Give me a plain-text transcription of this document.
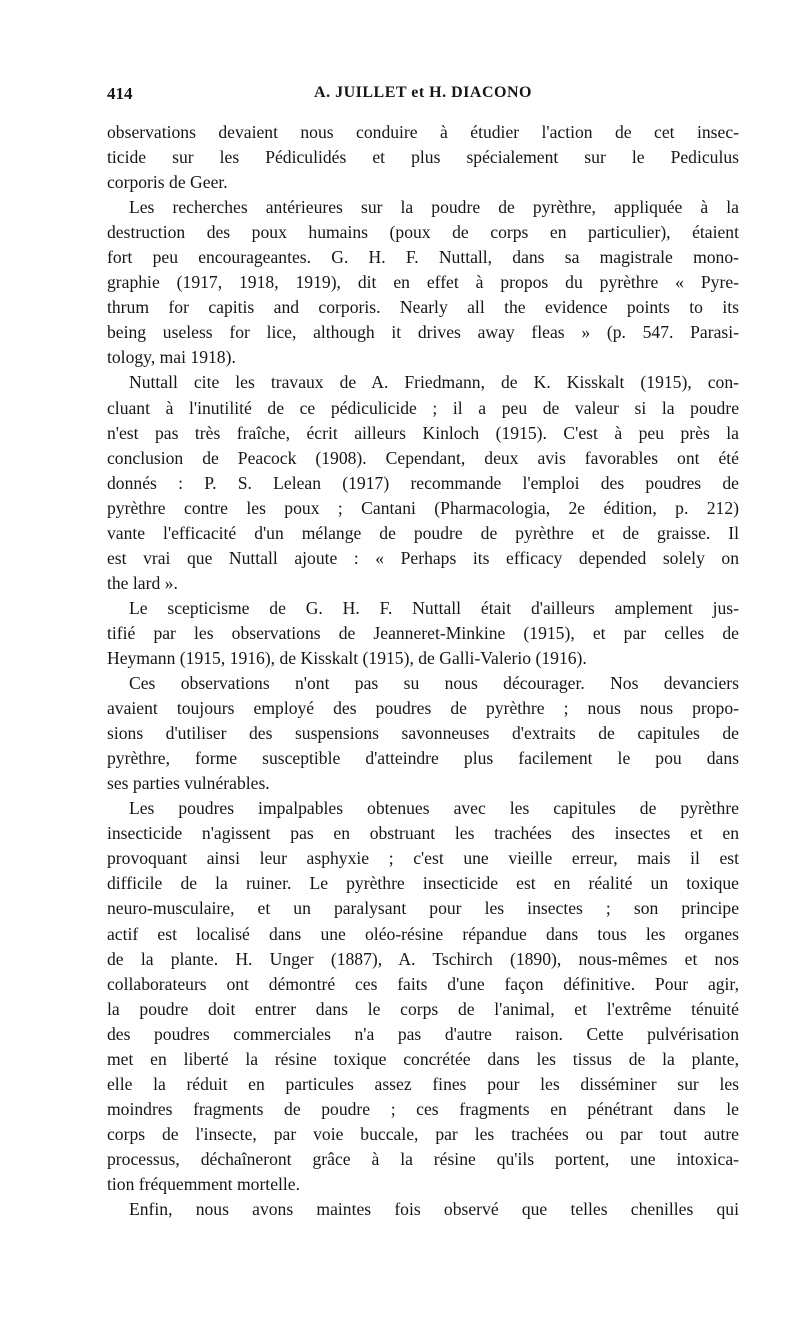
414	A. JUILLET et H. DIACONO
observations devaient nous conduire à étudier l'action de cet insec-
ticide sur les Pédiculidés et plus spécialement sur le Pediculus
corporis de Geer.
Les recherches antérieures sur la poudre de pyrèthre, appliquée à la
destruction des poux humains (poux de corps en particulier), étaient
fort peu encourageantes. G. H. F. Nuttall, dans sa magistrale mono-
graphie (1917, 1918, 1919), dit en effet à propos du pyrèthre « Pyre-
thrum for capitis and corporis. Nearly all the evidence points to its
being useless for lice, although it drives away fleas » (p. 547. Parasi-
tology, mai 1918).
Nuttall cite les travaux de A. Friedmann, de K. Kisskalt (1915), con-
cluant à l'inutilité de ce pédiculicide ; il a peu de valeur si la poudre
n'est pas très fraîche, écrit ailleurs Kinloch (1915). C'est à peu près la
conclusion de Peacock (1908). Cependant, deux avis favorables ont été
donnés : P. S. Lelean (1917) recommande l'emploi des poudres de
pyrèthre contre les poux ; Cantani (Pharmacologia, 2e édition, p. 212)
vante l'efficacité d'un mélange de poudre de pyrèthre et de graisse. Il
est vrai que Nuttall ajoute : « Perhaps its efficacy depended solely on
the lard ».
Le scepticisme de G. H. F. Nuttall était d'ailleurs amplement jus-
tifié par les observations de Jeanneret-Minkine (1915), et par celles de
Heymann (1915, 1916), de Kisskalt (1915), de Galli-Valerio (1916).
Ces observations n'ont pas su nous décourager. Nos devanciers
avaient toujours employé des poudres de pyrèthre ; nous nous propo-
sions d'utiliser des suspensions savonneuses d'extraits de capitules de
pyrèthre, forme susceptible d'atteindre plus facilement le pou dans
ses parties vulnérables.
Les poudres impalpables obtenues avec les capitules de pyrèthre
insecticide n'agissent pas en obstruant les trachées des insectes et en
provoquant ainsi leur asphyxie ; c'est une vieille erreur, mais il est
difficile de la ruiner. Le pyrèthre insecticide est en réalité un toxique
neuro-musculaire, et un paralysant pour les insectes ; son principe
actif est localisé dans une oléo-résine répandue dans tous les organes
de la plante. H. Unger (1887), A. Tschirch (1890), nous-mêmes et nos
collaborateurs ont démontré ces faits d'une façon définitive. Pour agir,
la poudre doit entrer dans le corps de l'animal, et l'extrême ténuité
des poudres commerciales n'a pas d'autre raison. Cette pulvérisation
met en liberté la résine toxique concrétée dans les tissus de la plante,
elle la réduit en particules assez fines pour les disséminer sur les
moindres fragments de poudre ; ces fragments en pénétrant dans le
corps de l'insecte, par voie buccale, par les trachées ou par tout autre
processus, déchaîneront grâce à la résine qu'ils portent, une intoxica-
tion fréquemment mortelle.
Enfin, nous avons maintes fois observé que telles chenilles qui
